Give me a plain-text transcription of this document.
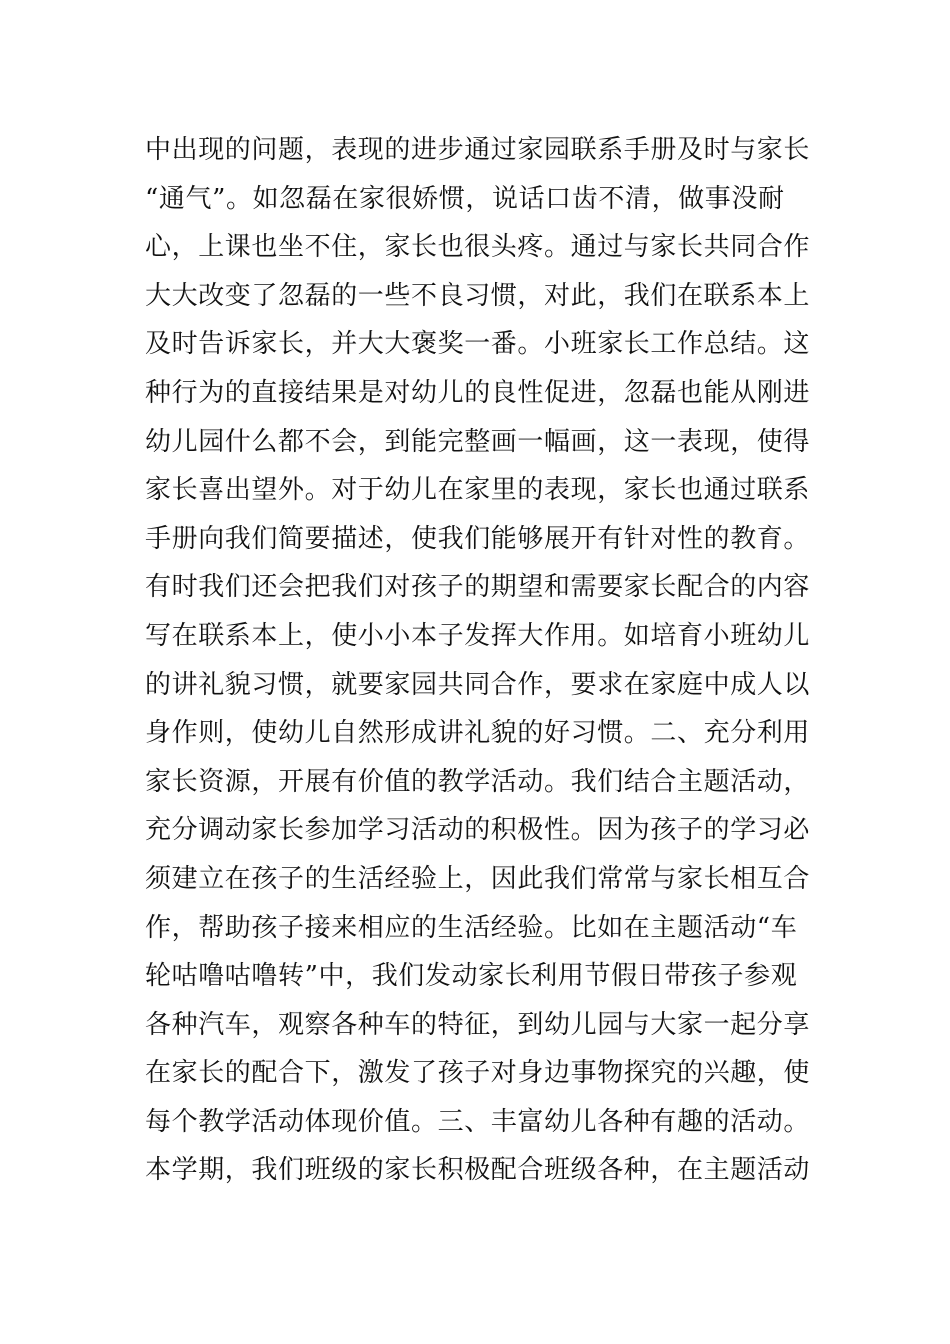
中出现的问题，表现的进步通过家园联系手册及时与家长
“通气”。如忽磊在家很娇惯，说话口齿不清，做事没耐
心，上课也坐不住，家长也很头疼。通过与家长共同合作
大大改变了忽磊的一些不良习惯，对此，我们在联系本上
及时告诉家长，并大大褒奖一番。小班家长工作总结。这
种行为的直接结果是对幼儿的良性促进，忽磊也能从刚进
幼儿园什么都不会，到能完整画一幅画，这一表现，使得
家长喜出望外。对于幼儿在家里的表现，家长也通过联系
手册向我们简要描述，使我们能够展开有针对性的教育。
有时我们还会把我们对孩子的期望和需要家长配合的内容
写在联系本上，使小小本子发挥大作用。如培育小班幼儿
的讲礼貌习惯，就要家园共同合作，要求在家庭中成人以
身作则，使幼儿自然形成讲礼貌的好习惯。二、充分利用
家长资源，开展有价值的教学活动。我们结合主题活动，
充分调动家长参加学习活动的积极性。因为孩子的学习必
须建立在孩子的生活经验上，因此我们常常与家长相互合
作，帮助孩子接来相应的生活经验。比如在主题活动“车
轮咕噜咕噜转”中，我们发动家长利用节假日带孩子参观
各种汽车，观察各种车的特征，到幼儿园与大家一起分享
在家长的配合下，激发了孩子对身边事物探究的兴趣，使
每个教学活动体现价值。三、丰富幼儿各种有趣的活动。
本学期，我们班级的家长积极配合班级各种，在主题活动
